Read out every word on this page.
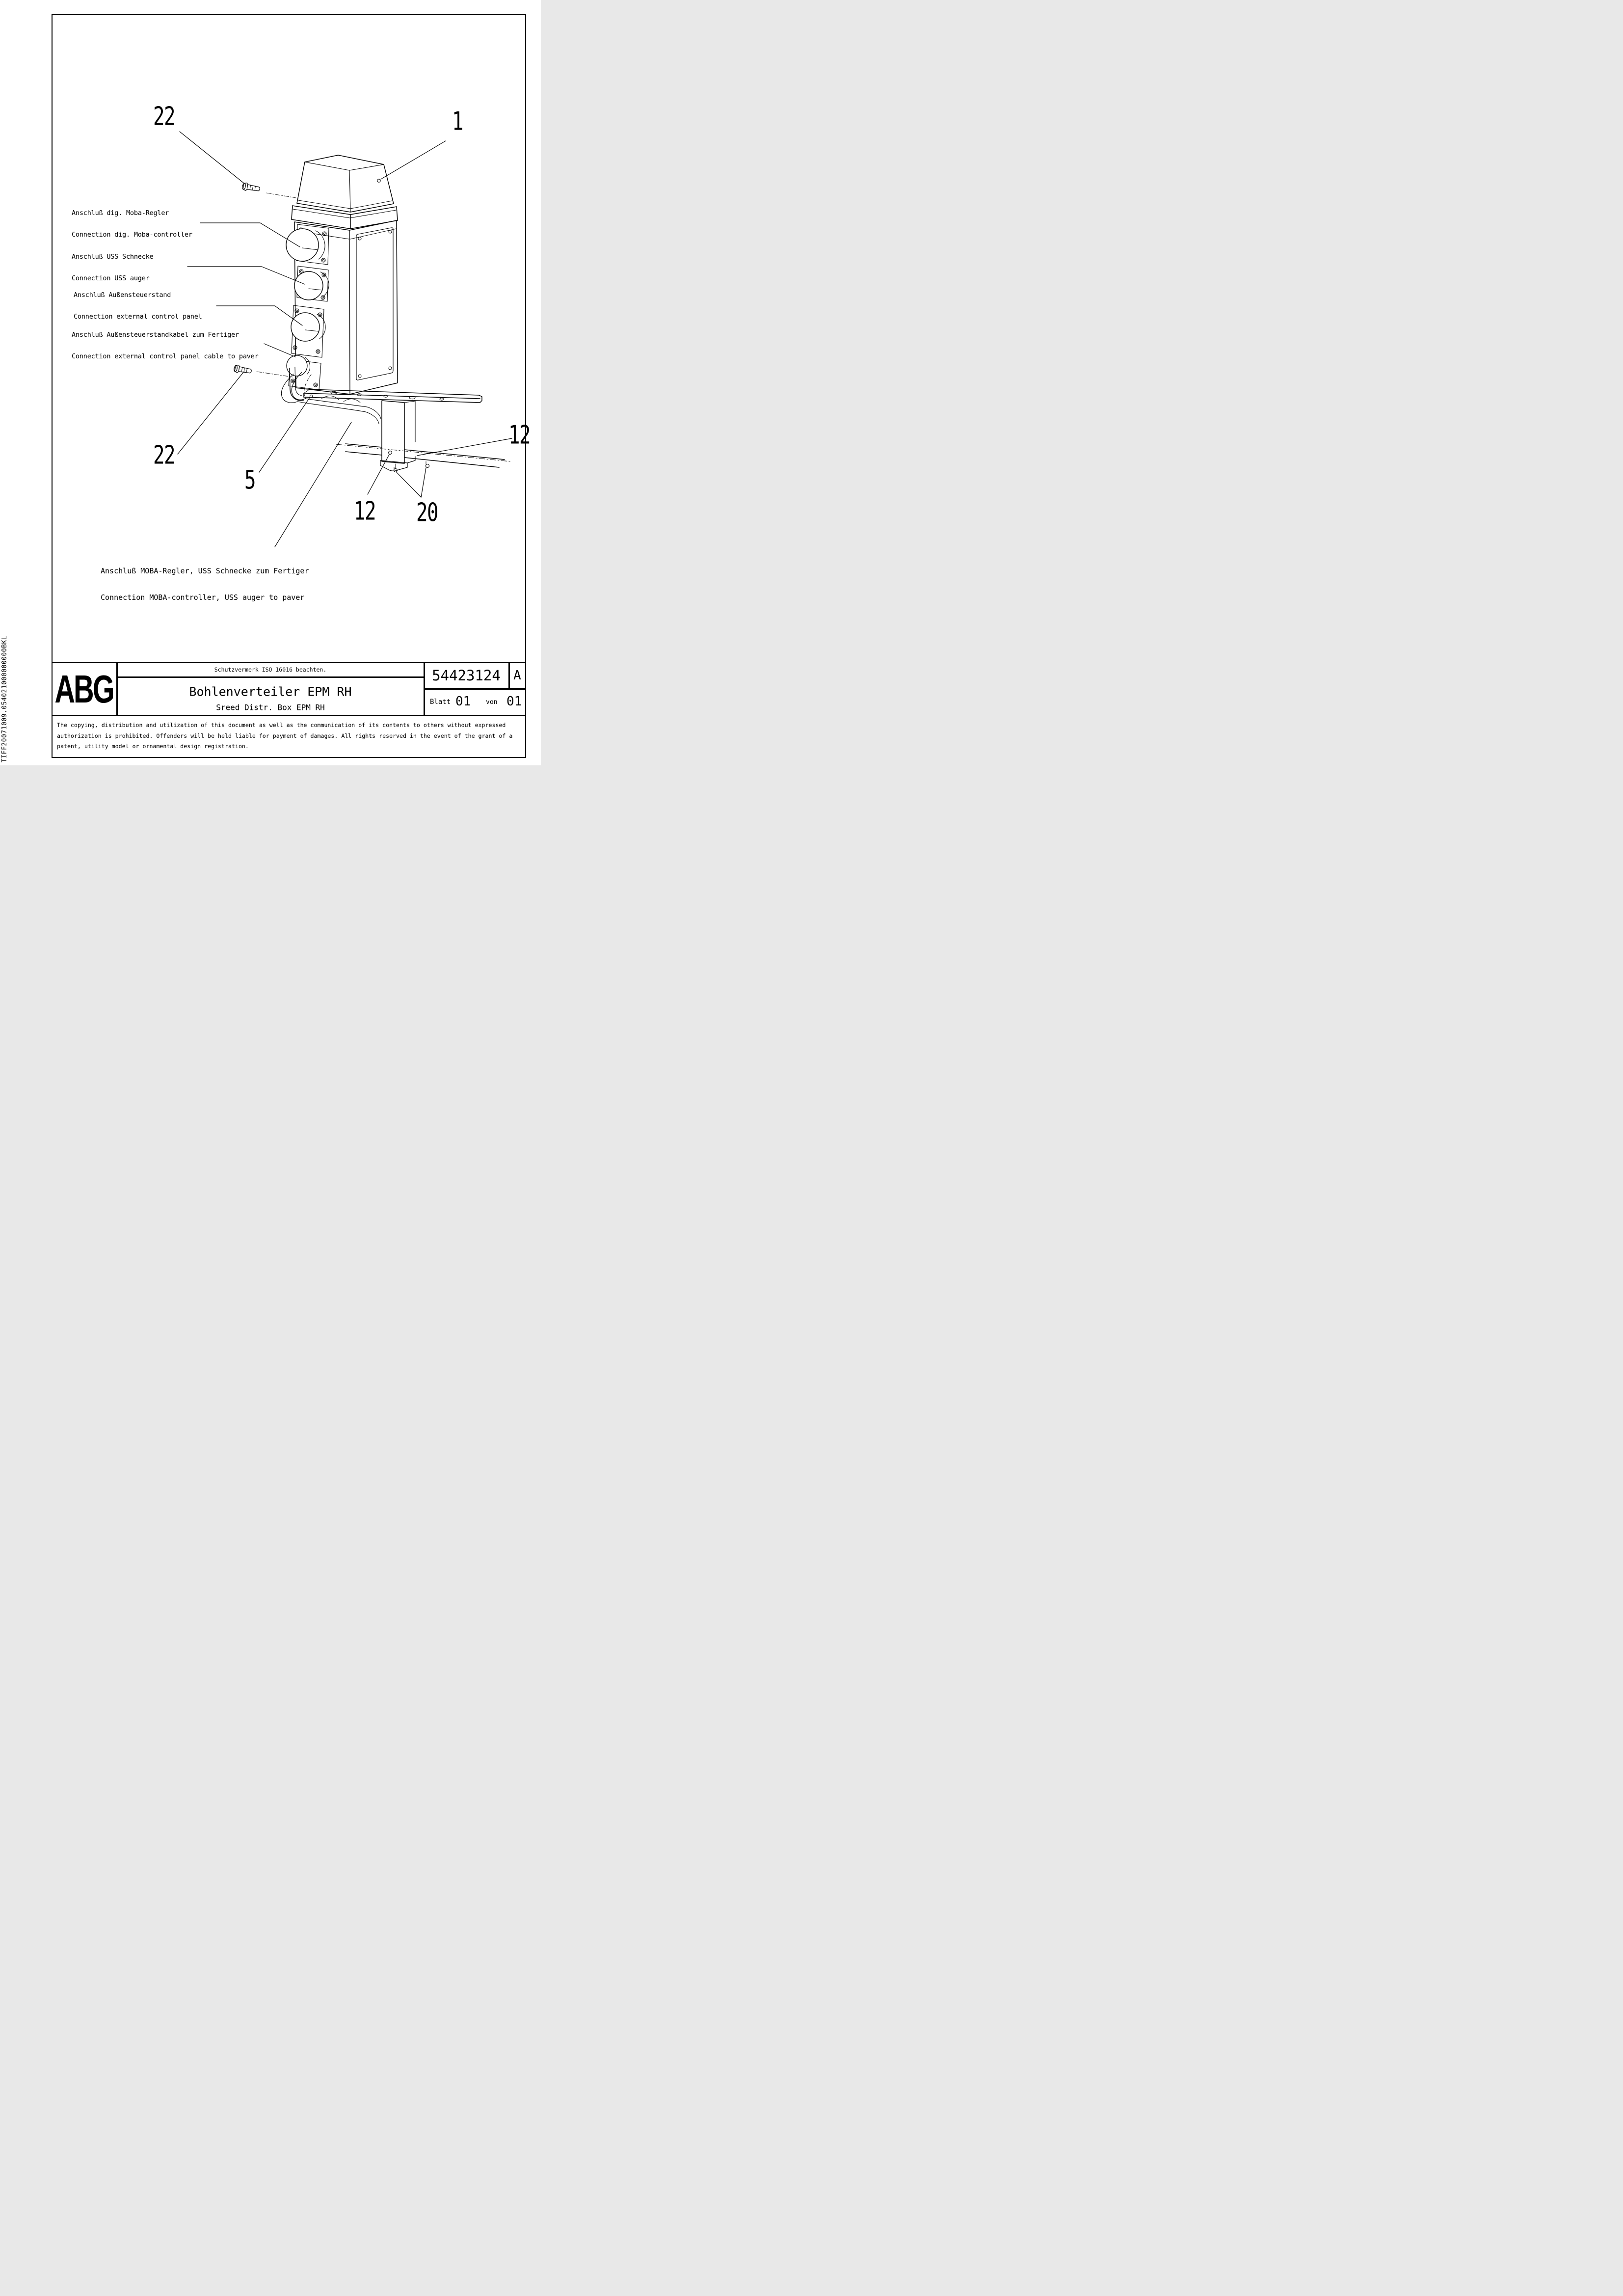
Anschluß dig. Moba-Regler

Connection dig. Moba-controller
Anschluß USS Schnecke

Connection USS auger
Anschluß Außensteuerstand

Connection external control panel
Anschluß Außensteuerstandkabel zum Fertiger

Connection external control panel cable to paver
Anschluß MOBA-Regler, USS Schnecke zum Fertiger

Connection MOBA-controller, USS auger to paver
22	1
22
5
12
12 20
ABG	Schutzvermerk ISO 16016 beachten.
Bohlenverteiler EPM RH
Sreed Distr. Box EPM RH
54423124 A
Blatt 01 von 01
The copying, distribution and utilization of this document as well as the communication of its contents to others without expressed authorization is prohibited. Offenders will be held liable for payment of damages. All rights reserved in the event of the grant of a patent, utility model or ornamental design registration.
TIFF20071009.054021000000000BKL
